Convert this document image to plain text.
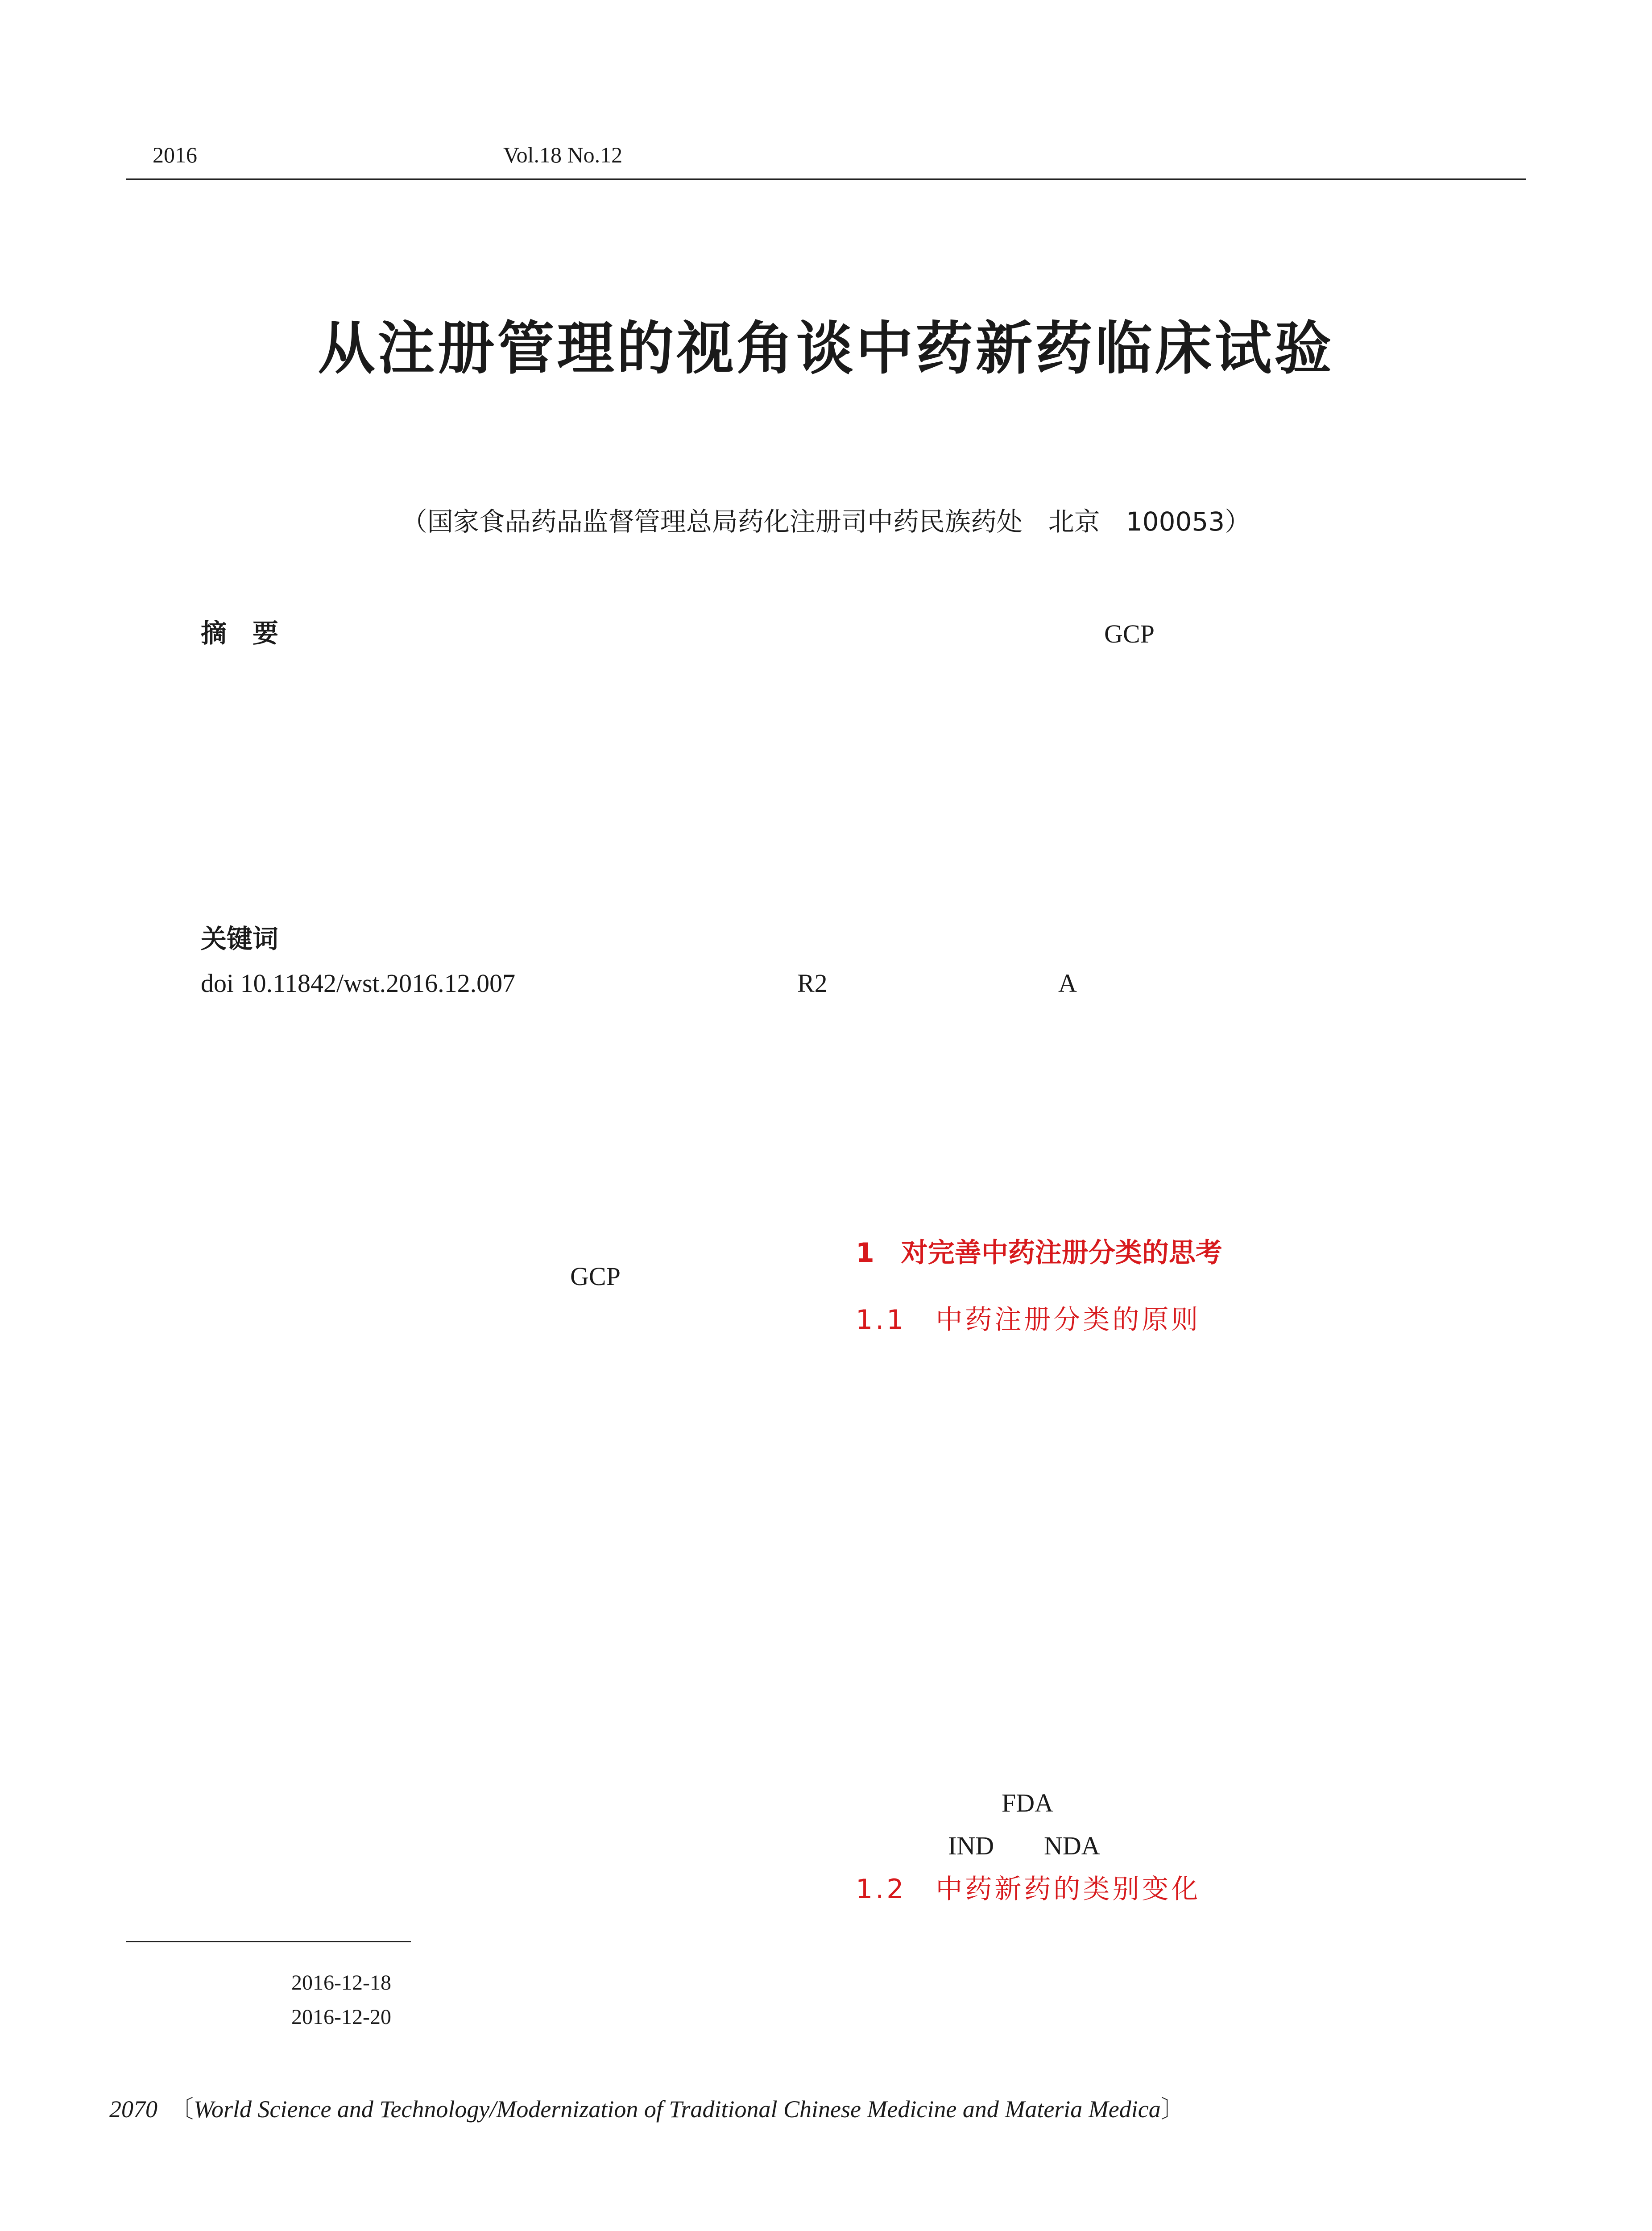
2016	Vol.18 No.12
从注册管理的视角谈中药新药临床试验
（国家食品药品监督管理总局药化注册司中药民族药处　北京　100053）
摘　要	GCP
关键词
doi 10.11842/wst.2016.12.007	R2	A
GCP
1　对完善中药注册分类的思考
1.1　中药注册分类的原则
FDA
IND NDA
1.2　中药新药的类别变化
2016-12-18
2016-12-20
2070 〔World Science and Technology/Modernization of Traditional Chinese Medicine and Materia Medica〕
